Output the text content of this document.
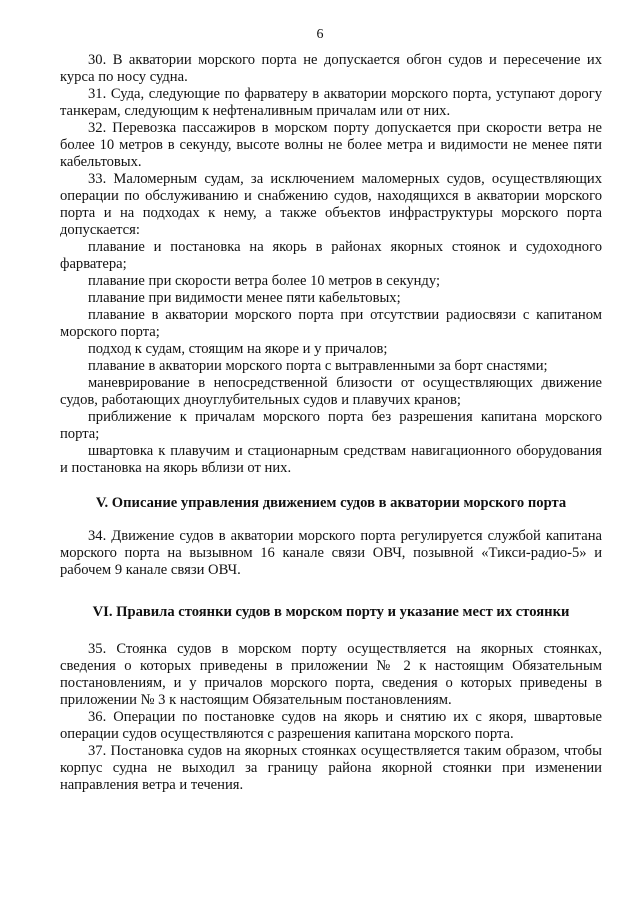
6

30. В акватории морского порта не допускается обгон судов и пересечение их курса по носу судна.

31. Суда, следующие по фарватеру в акватории морского порта, уступают дорогу танкерам, следующим к нефтеналивным причалам или от них.

32. Перевозка пассажиров в морском порту допускается при скорости ветра не более 10 метров в секунду, высоте волны не более метра и видимости не менее пяти кабельтовых.

33. Маломерным судам, за исключением маломерных судов, осуществляющих операции по обслуживанию и снабжению судов, находящихся в акватории морского порта и на подходах к нему, а также объектов инфраструктуры морского порта допускается:

плавание и постановка на якорь в районах якорных стоянок и судоходного фарватера;

плавание при скорости ветра более 10 метров в секунду;

плавание при видимости менее пяти кабельтовых;

плавание в акватории морского порта при отсутствии радиосвязи с капитаном морского порта;

подход к судам, стоящим на якоре и у причалов;

плавание в акватории морского порта с вытравленными за борт снастями;

маневрирование в непосредственной близости от осуществляющих движение судов, работающих дноуглубительных судов и плавучих кранов;

приближение к причалам морского порта без разрешения капитана морского порта;

швартовка к плавучим и стационарным средствам навигационного оборудования и постановка на якорь вблизи от них.

V. Описание управления движением судов в акватории морского порта

34. Движение судов в акватории морского порта регулируется службой капитана морского порта на вызывном 16 канале связи ОВЧ, позывной «Тикси-радио-5» и рабочем 9 канале связи ОВЧ.

VI. Правила стоянки судов в морском порту и указание мест их стоянки

35. Стоянка судов в морском порту осуществляется на якорных стоянках, сведения о которых приведены в приложении № 2 к настоящим Обязательным постановлениям, и у причалов морского порта, сведения о которых приведены в приложении № 3 к настоящим Обязательным постановлениям.

36. Операции по постановке судов на якорь и снятию их с якоря, швартовые операции судов осуществляются с разрешения капитана морского порта.

37. Постановка судов на якорных стоянках осуществляется таким образом, чтобы корпус судна не выходил за границу района якорной стоянки при изменении направления ветра и течения.
